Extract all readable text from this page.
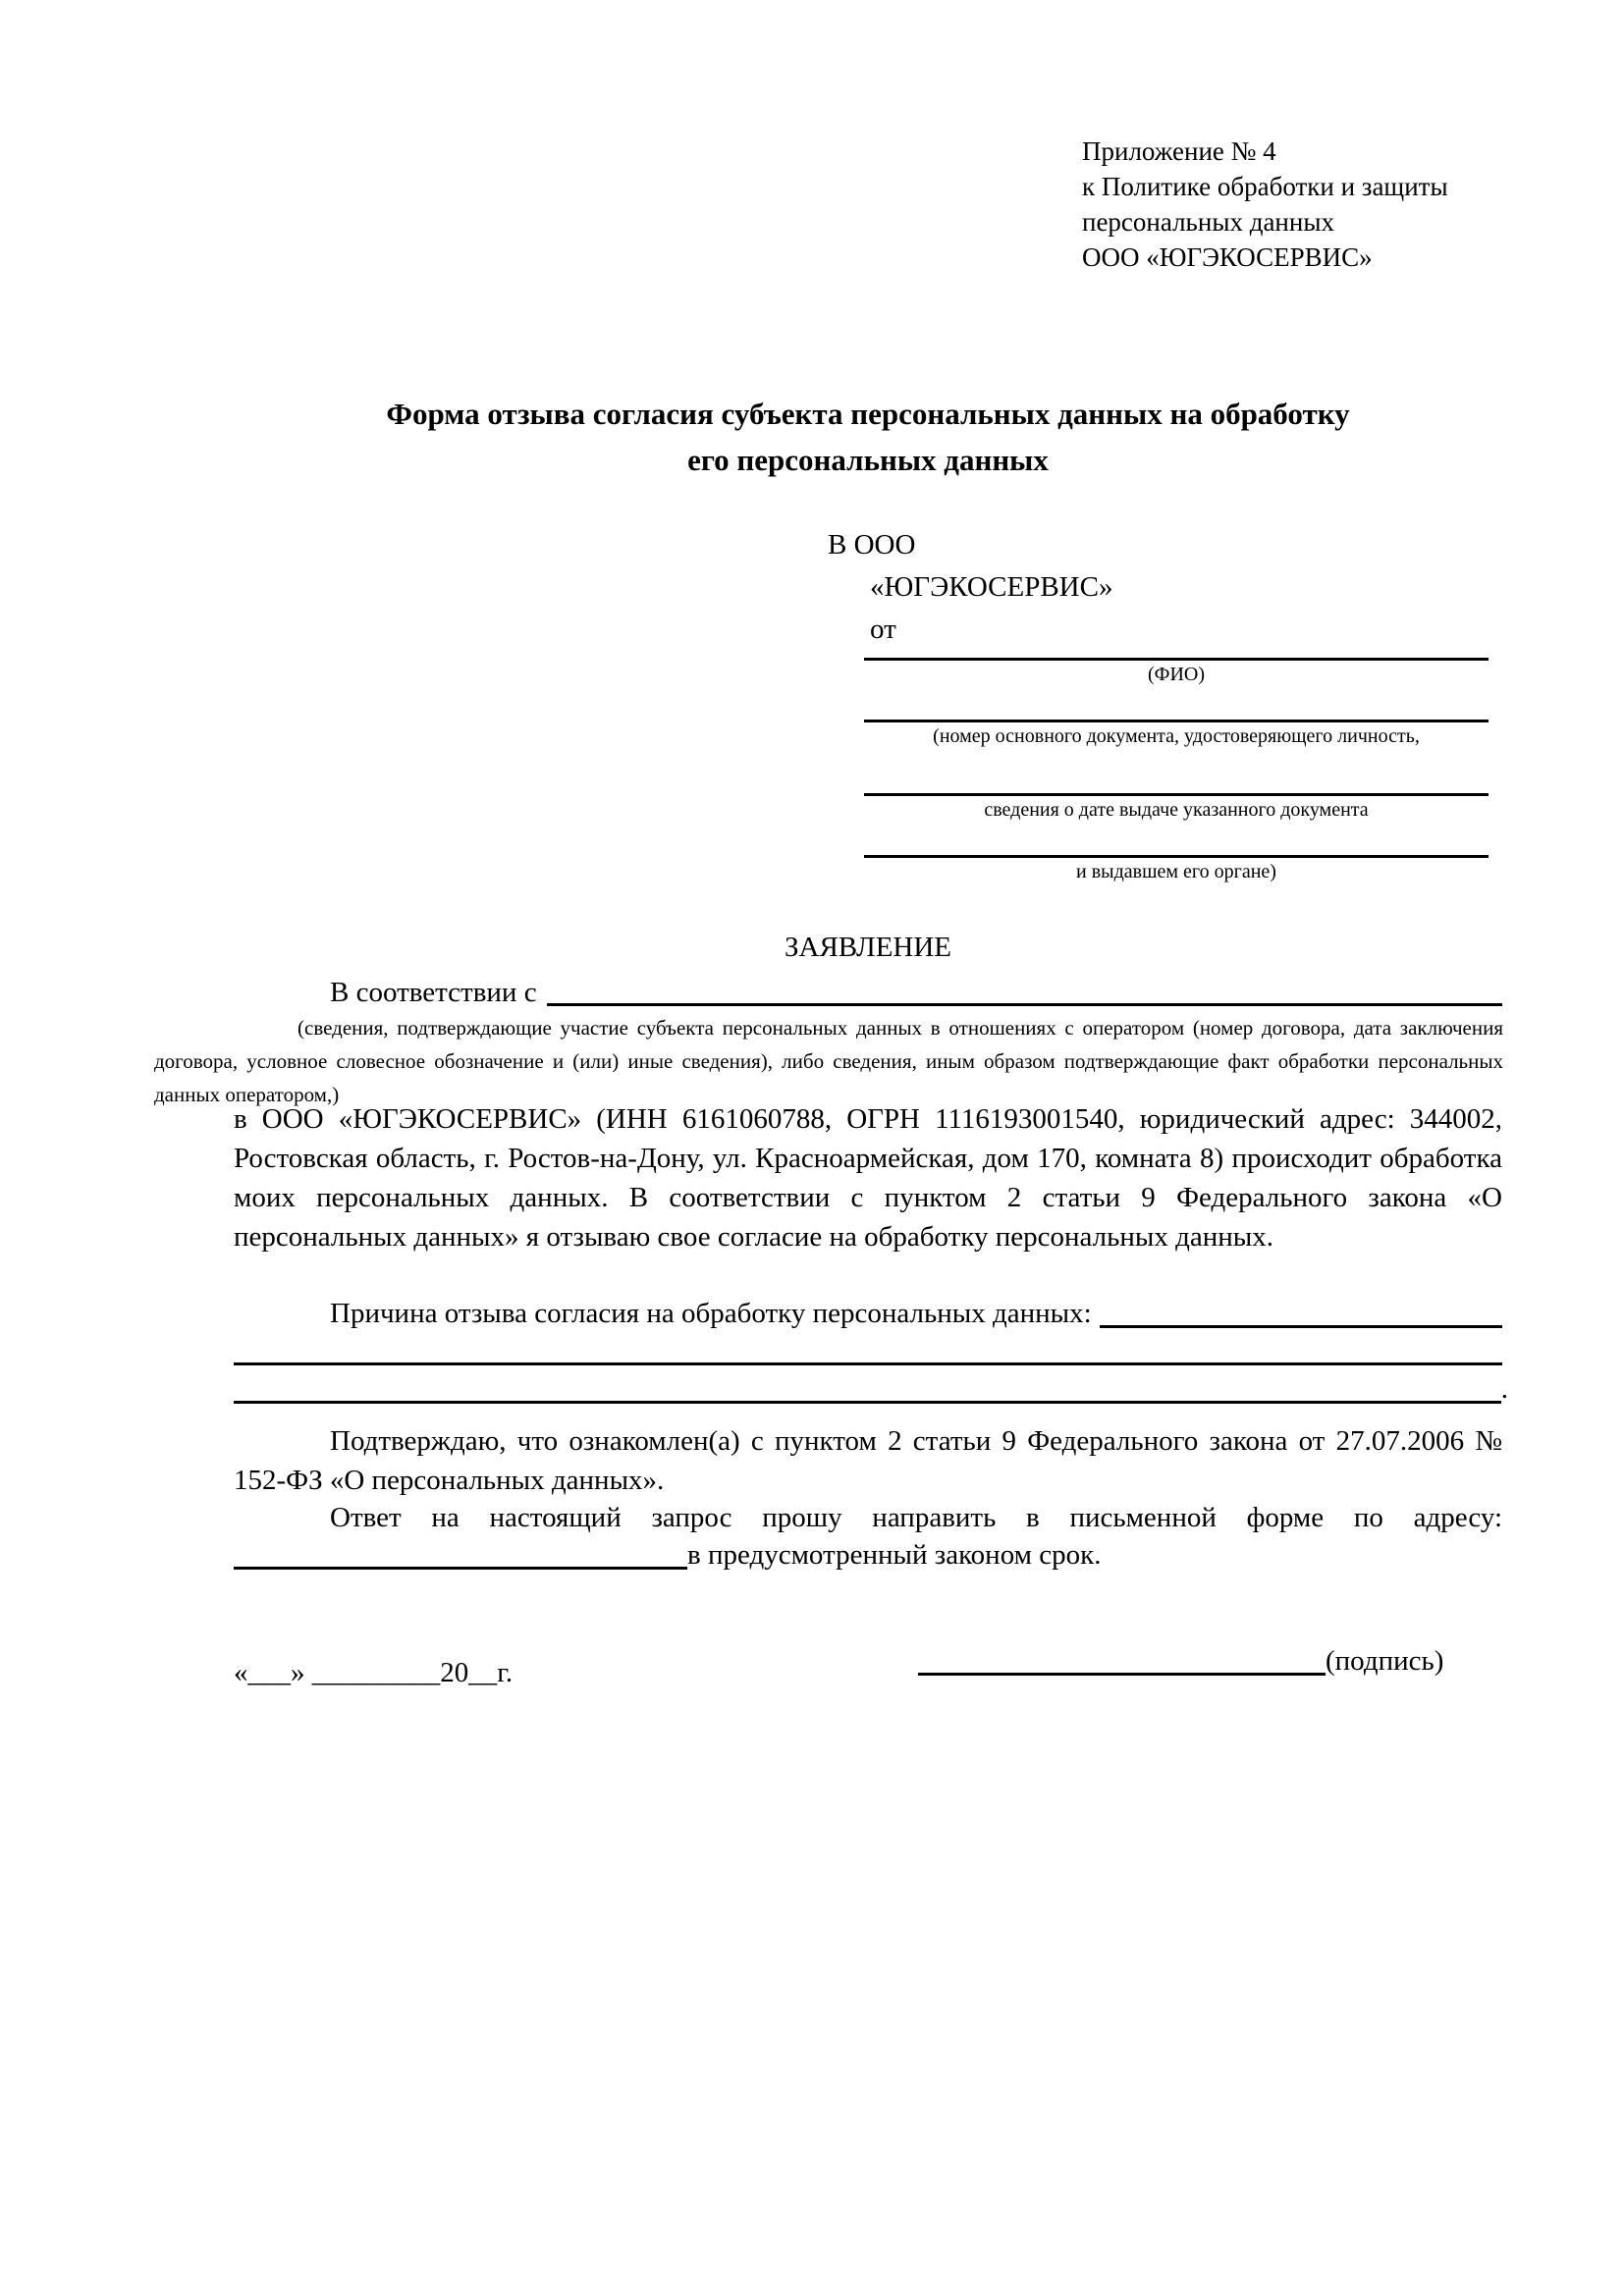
Приложение № 4
к Политике обработки и защиты
персональных данных
ООО «ЮГЭКОСЕРВИС»
Форма отзыва согласия субъекта персональных данных на обработку
его персональных данных
В ООО
«ЮГЭКОСЕРВИС»
от
(ФИО)
(номер основного документа, удостоверяющего личность,
сведения о дате выдаче указанного документа
и выдавшем его органе)
ЗАЯВЛЕНИЕ
В соответствии с
(сведения, подтверждающие участие субъекта персональных данных в отношениях с оператором (номер договора, дата заключения договора, условное словесное обозначение и (или) иные сведения), либо сведения, иным образом подтверждающие факт обработки персональных данных оператором,)
в ООО «ЮГЭКОСЕРВИС» (ИНН 6161060788, ОГРН 1116193001540, юридический адрес: 344002, Ростовская область, г. Ростов-на-Дону, ул. Красноармейская, дом 170, комната 8) происходит обработка моих персональных данных. В соответствии с пунктом 2 статьи 9 Федерального закона «О персональных данных» я отзываю свое согласие на обработку персональных данных.
Причина отзыва согласия на обработку персональных данных:
.
Подтверждаю, что ознакомлен(а) с пунктом 2 статьи 9 Федерального закона от 27.07.2006 № 152-ФЗ «О персональных данных».
Ответ на настоящий запрос прошу направить в письменной форме по адресу:
в предусмотренный законом срок.
«___» _________20__г.	(подпись)
